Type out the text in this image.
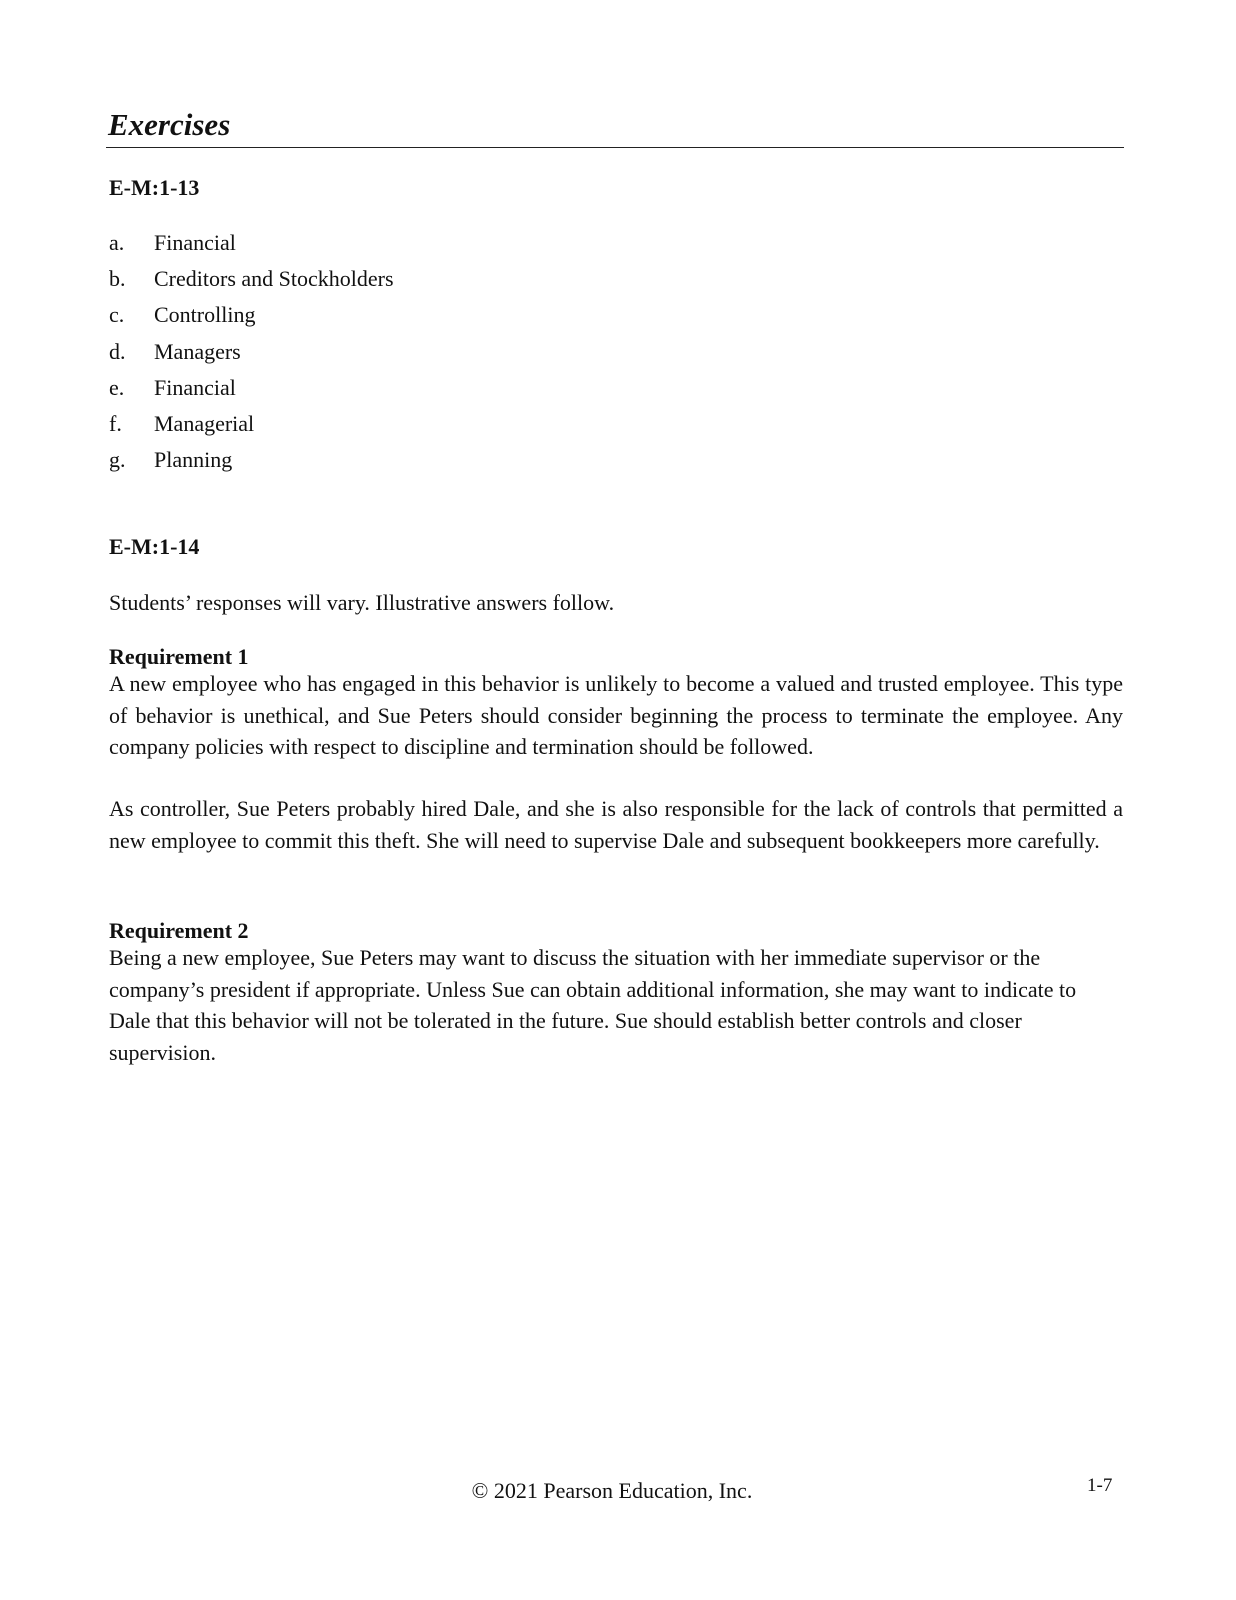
Exercises
E-M:1-13
a.	Financial
b.	Creditors and Stockholders
c.	Controlling
d.	Managers
e.	Financial
f.	Managerial
g.	Planning
E-M:1-14

Students’ responses will vary. Illustrative answers follow.

Requirement 1

A new employee who has engaged in this behavior is unlikely to become a valued and trusted employee. This type of behavior is unethical, and Sue Peters should consider beginning the process to terminate the employee. Any company policies with respect to discipline and termination should be followed.

As controller, Sue Peters probably hired Dale, and she is also responsible for the lack of controls that permitted a new employee to commit this theft. She will need to supervise Dale and subsequent bookkeepers more carefully.

Requirement 2

Being a new employee, Sue Peters may want to discuss the situation with her immediate supervisor or the company’s president if appropriate. Unless Sue can obtain additional information, she may want to indicate to Dale that this behavior will not be tolerated in the future. Sue should establish better controls and closer supervision.

© 2021 Pearson Education, Inc.	1-7
